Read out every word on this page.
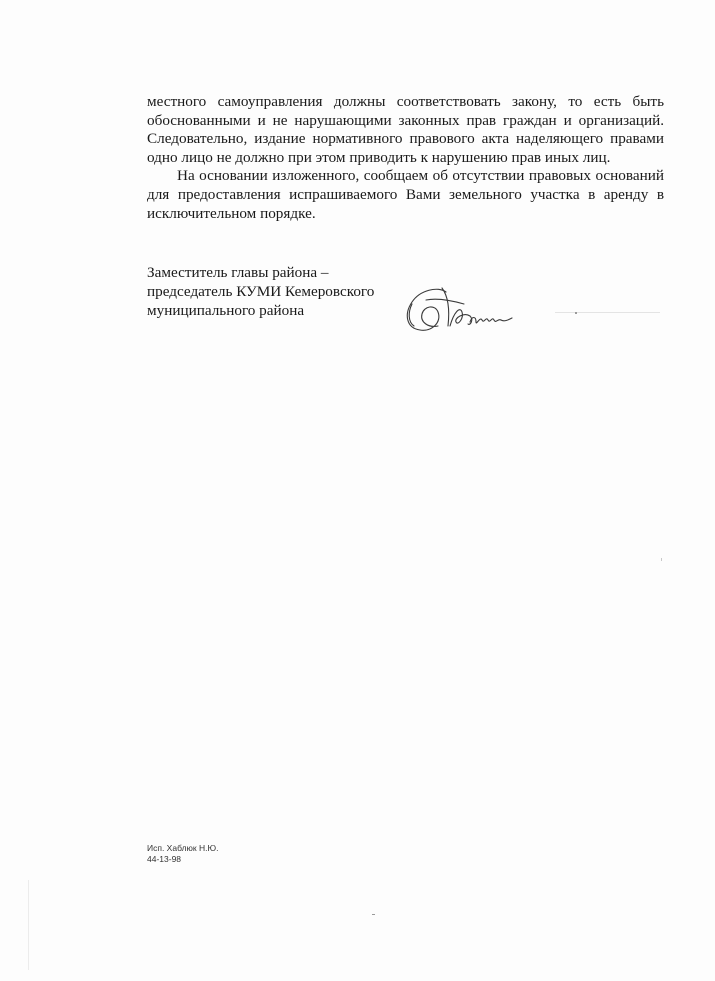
местного самоуправления должны соответствовать закону, то есть быть обоснованными и не нарушающими законных прав граждан и организаций. Следовательно, издание нормативного правового акта наделяющего правами одно лицо не должно при этом приводить к нарушению прав иных лиц.

На основании изложенного, сообщаем об отсутствии правовых оснований для предоставления испрашиваемого Вами земельного участка в аренду в исключительном порядке.

Заместитель главы района –
председатель КУМИ Кемеровского
муниципального района
Исп. Хаблюк Н.Ю.
44-13-98
